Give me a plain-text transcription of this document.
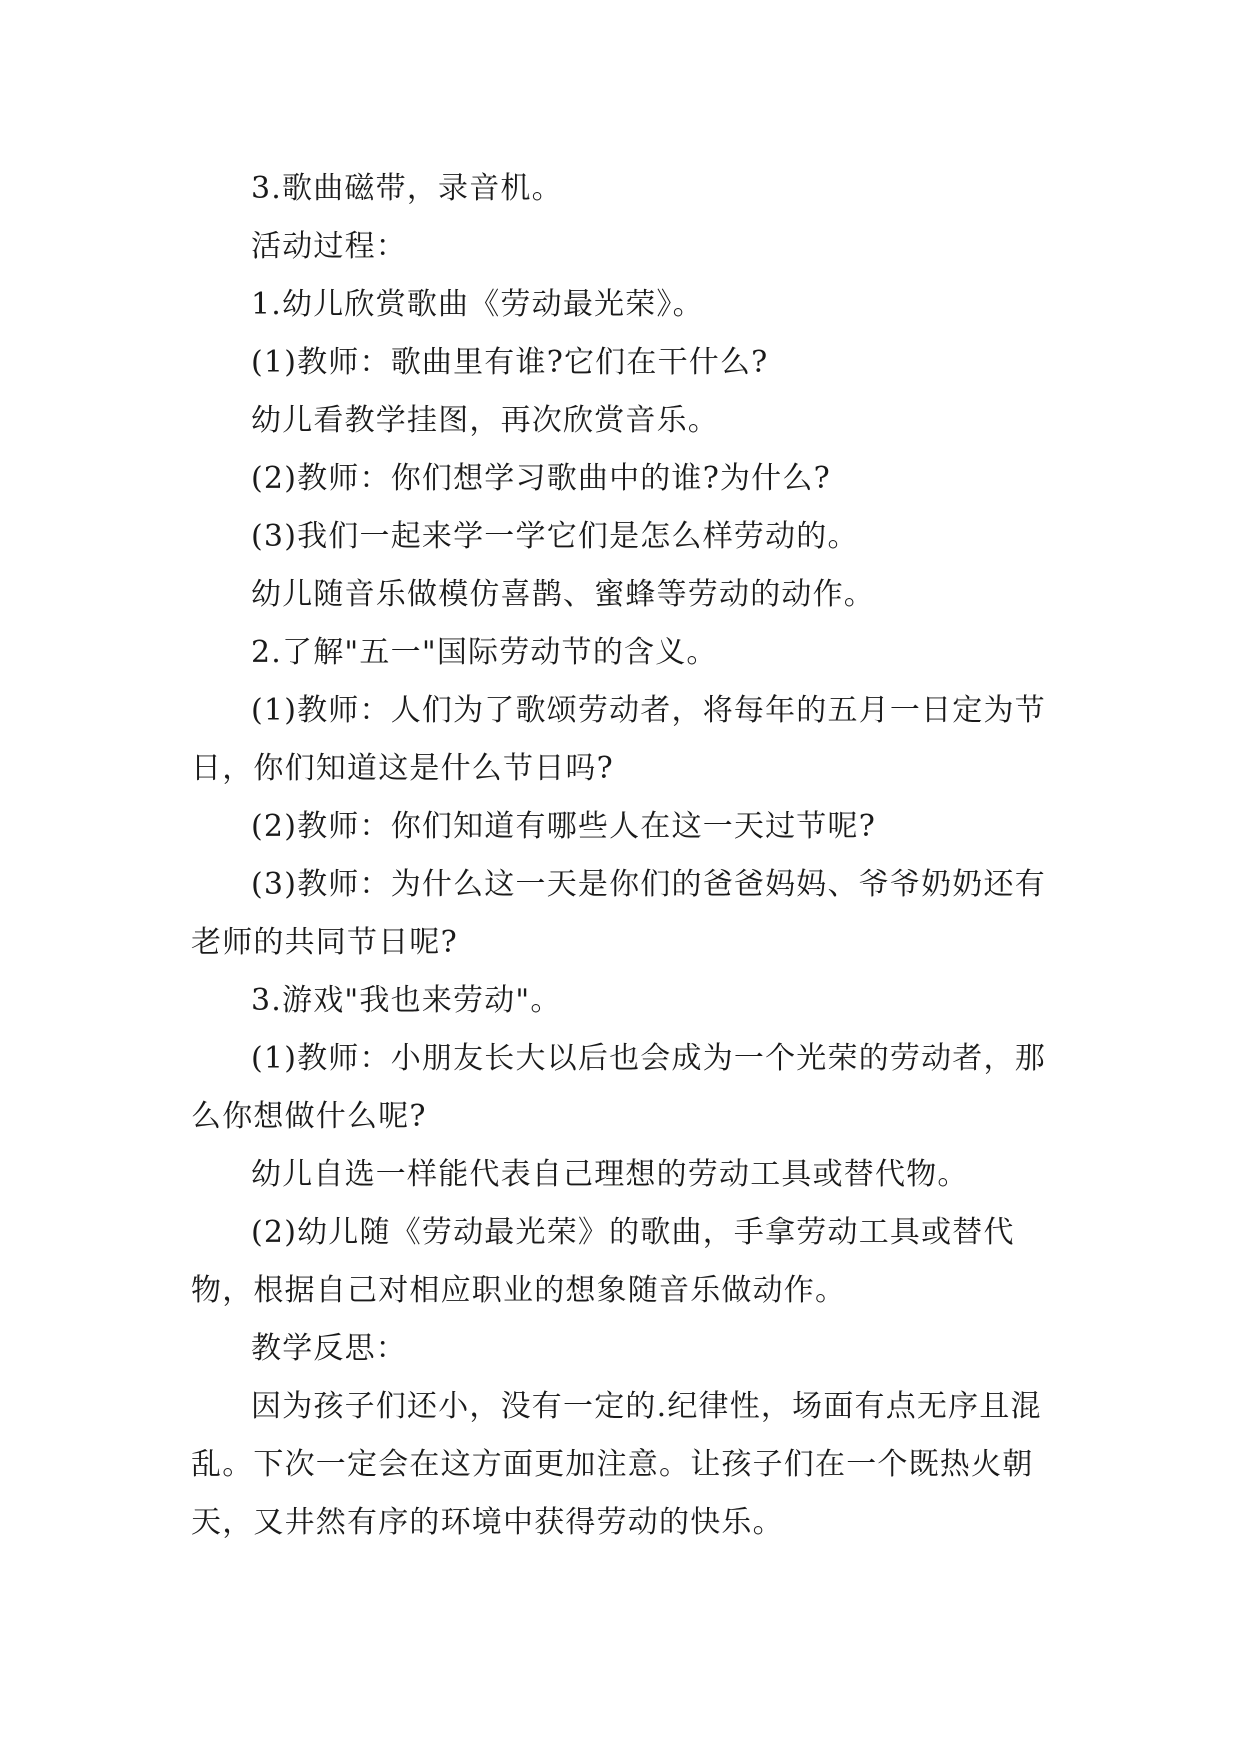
3.歌曲磁带，录音机。

活动过程：

1.幼儿欣赏歌曲《劳动最光荣》。

(1)教师：歌曲里有谁?它们在干什么?

幼儿看教学挂图，再次欣赏音乐。

(2)教师：你们想学习歌曲中的谁?为什么?

(3)我们一起来学一学它们是怎么样劳动的。

幼儿随音乐做模仿喜鹊、蜜蜂等劳动的动作。

2.了解"五一"国际劳动节的含义。

(1)教师：人们为了歌颂劳动者，将每年的五月一日定为节日，你们知道这是什么节日吗?

(2)教师：你们知道有哪些人在这一天过节呢?

(3)教师：为什么这一天是你们的爸爸妈妈、爷爷奶奶还有老师的共同节日呢?

3.游戏"我也来劳动"。

(1)教师：小朋友长大以后也会成为一个光荣的劳动者，那么你想做什么呢?

幼儿自选一样能代表自己理想的劳动工具或替代物。

(2)幼儿随《劳动最光荣》的歌曲，手拿劳动工具或替代物，根据自己对相应职业的想象随音乐做动作。

教学反思：

因为孩子们还小，没有一定的.纪律性，场面有点无序且混乱。下次一定会在这方面更加注意。让孩子们在一个既热火朝天，又井然有序的环境中获得劳动的快乐。
